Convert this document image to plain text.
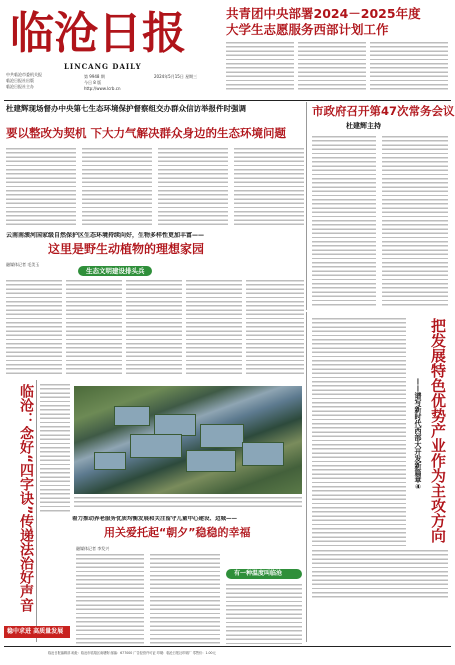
临沧日报
LINCANG DAILY
中共临沧市委机关报
临沧日报社出版
临沧日报社主办
第 9948 期
今日 8 版
2024年5月15日 星期三
http://www.lcrb.cn
共青团中央部署2024－2025年度
大学生志愿服务西部计划工作
杜建辉现场督办中央第七生态环境保护督察组交办群众信访举报件时强调
要以整改为契机 下大力气解决群众身边的生态环境问题
市政府召开第47次常务会议
杜建辉主持
云南南滚河国家级自然保护区生态环境持续向好，生物多样性更加丰富——
这里是野生动植物的理想家园
融媒体记者 毛美玉
生态文明建设排头兵
把发展特色优势产业作为主攻方向
——谱写新时代西部大开发新篇章④
临沧：念好“四字诀”传递法治好声音	着力推动养老服务优质均衡发展和关注留守儿童中心建设、边城——
用关爱托起“朝夕”稳稳的幸福
融媒体记者 李发兴
有一种温度叫临沧
稳中求进 高质量发展
临沧日报编辑部 地址：临沧市临翔区南塘街 邮编：677000 广告经营许可证 印刷：临沧日报社印刷厂 零售价：1.00元
